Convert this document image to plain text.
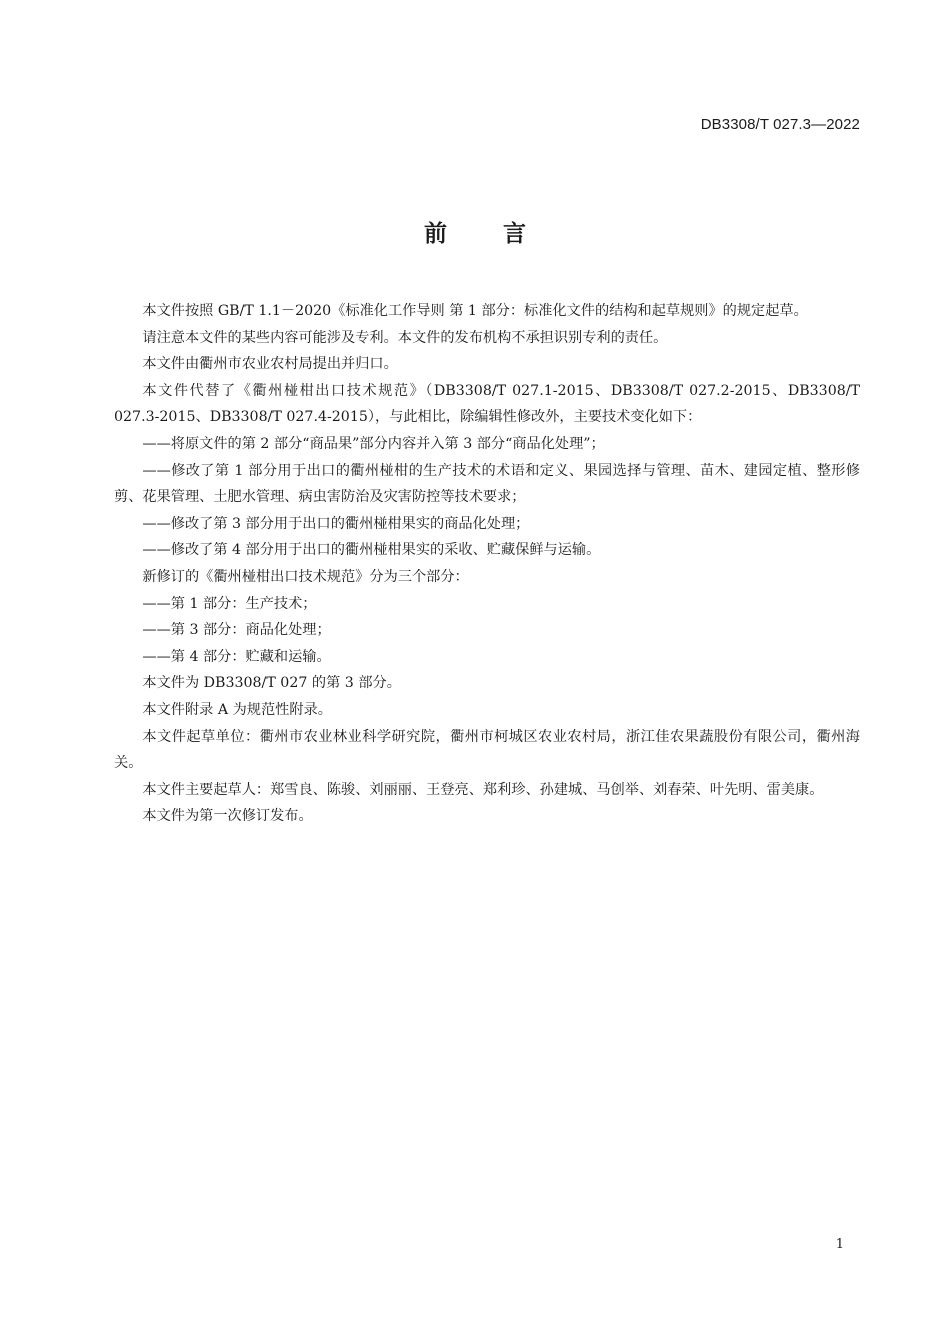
DB3308/T 027.3—2022
前言

本文件按照 GB/T 1.1－2020《标准化工作导则 第 1 部分：标准化文件的结构和起草规则》的规定起草。

请注意本文件的某些内容可能涉及专利。本文件的发布机构不承担识别专利的责任。

本文件由衢州市农业农村局提出并归口。

本文件代替了《衢州椪柑出口技术规范》（DB3308/T 027.1-2015、DB3308/T 027.2-2015、DB3308/T 027.3-2015、DB3308/T 027.4-2015），与此相比，除编辑性修改外，主要技术变化如下：

——将原文件的第 2 部分“商品果”部分内容并入第 3 部分“商品化处理”；

——修改了第 1 部分用于出口的衢州椪柑的生产技术的术语和定义、果园选择与管理、苗木、建园定植、整形修剪、花果管理、土肥水管理、病虫害防治及灾害防控等技术要求；

——修改了第 3 部分用于出口的衢州椪柑果实的商品化处理；

——修改了第 4 部分用于出口的衢州椪柑果实的采收、贮藏保鲜与运输。

新修订的《衢州椪柑出口技术规范》分为三个部分：

——第 1 部分：生产技术；

——第 3 部分：商品化处理；

——第 4 部分：贮藏和运输。

本文件为 DB3308/T 027 的第 3 部分。

本文件附录 A 为规范性附录。

本文件起草单位：衢州市农业林业科学研究院，衢州市柯城区农业农村局，浙江佳农果蔬股份有限公司，衢州海关。

本文件主要起草人：郑雪良、陈骏、刘丽丽、王登亮、郑利珍、孙建城、马创举、刘春荣、叶先明、雷美康。

本文件为第一次修订发布。

1
